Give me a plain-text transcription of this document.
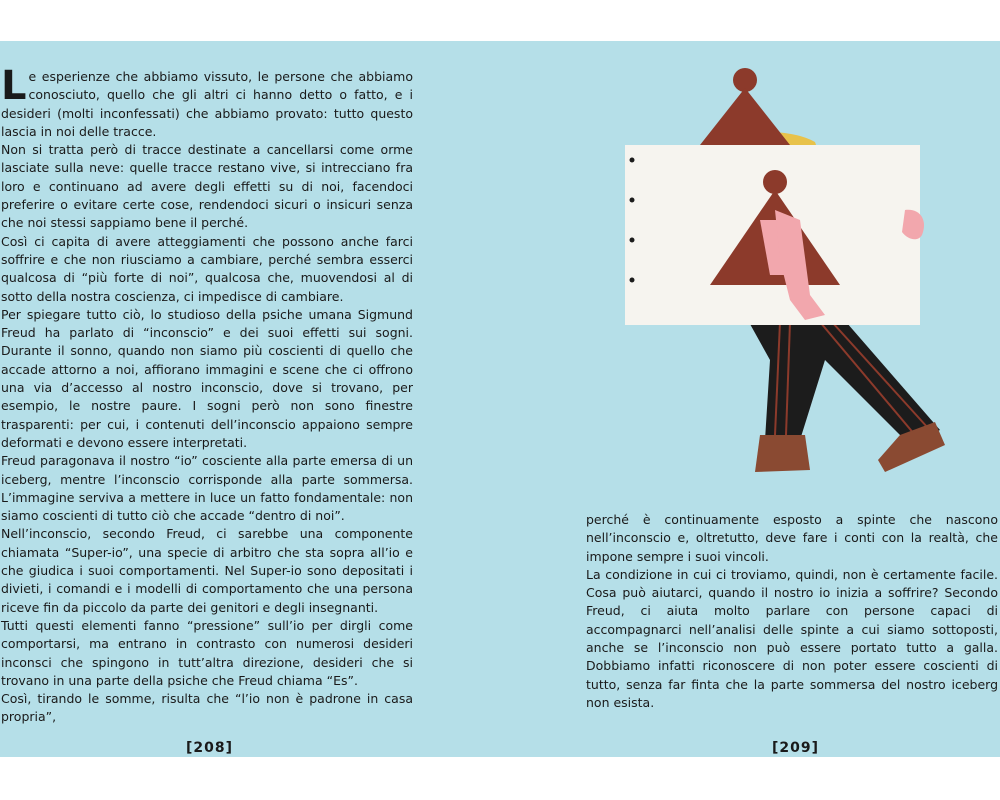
Le esperienze che abbiamo vissuto, le persone che abbiamo conosciuto, quello che gli altri ci hanno detto o fatto, e i desideri (molti inconfessati) che abbiamo provato: tutto questo lascia in noi delle tracce.

Non si tratta però di tracce destinate a cancellarsi come orme lasciate sulla neve: quelle tracce restano vive, si intrecciano fra loro e continuano ad avere degli effetti su di noi, facendoci preferire o evitare certe cose, rendendoci sicuri o insicuri senza che noi stessi sappiamo bene il perché.

Così ci capita di avere atteggiamenti che possono anche farci soffrire e che non riusciamo a cambiare, perché sembra esserci qualcosa di “più forte di noi”, qualcosa che, muovendosi al di sotto della nostra coscienza, ci impedisce di cambiare.

Per spiegare tutto ciò, lo studioso della psiche umana Sigmund Freud ha parlato di “inconscio” e dei suoi effetti sui sogni. Durante il sonno, quando non siamo più coscienti di quello che accade attorno a noi, affiorano immagini e scene che ci offrono una via d’accesso al nostro inconscio, dove si trovano, per esempio, le nostre paure. I sogni però non sono finestre trasparenti: per cui, i contenuti dell’inconscio appaiono sempre deformati e devono essere interpretati.

Freud paragonava il nostro “io” cosciente alla parte emersa di un iceberg, mentre l’inconscio corrisponde alla parte sommersa. L’immagine serviva a mettere in luce un fatto fondamentale: non siamo coscienti di tutto ciò che accade “dentro di noi”.

Nell’inconscio, secondo Freud, ci sarebbe una componente chiamata “Super-io”, una specie di arbitro che sta sopra all’io e che giudica i suoi comportamenti. Nel Super-io sono depositati i divieti, i comandi e i modelli di comportamento che una persona riceve fin da piccolo da parte dei genitori e degli insegnanti.

Tutti questi elementi fanno “pressione” sull’io per dirgli come comportarsi, ma entrano in contrasto con numerosi desideri inconsci che spingono in tutt’altra direzione, desideri che si trovano in una parte della psiche che Freud chiama “Es”.

Così, tirando le somme, risulta che “l’io non è padrone in casa propria”,

perché è continuamente esposto a spinte che nascono nell’inconscio e, oltretutto, deve fare i conti con la realtà, che impone sempre i suoi vincoli.

La condizione in cui ci troviamo, quindi, non è certamente facile. Cosa può aiutarci, quando il nostro io inizia a soffrire? Secondo Freud, ci aiuta molto parlare con persone capaci di accompagnarci nell’analisi delle spinte a cui siamo sottoposti, anche se l’inconscio non può essere portato tutto a galla. Dobbiamo infatti riconoscere di non poter essere coscienti di tutto, senza far finta che la parte sommersa del nostro iceberg non esista.

[208]	[209]
